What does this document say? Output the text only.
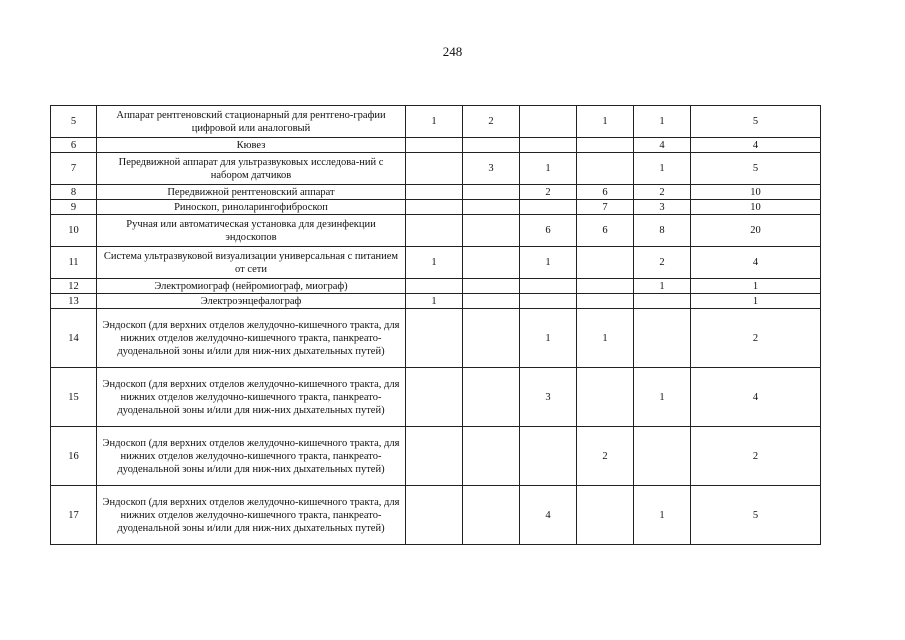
248
5	Аппарат рентгеновский стационарный для рентгено-графии цифровой или аналоговый	1	2		1	1	5
6	Кювез					4	4
7	Передвижной аппарат для ультразвуковых исследова-ний с набором датчиков		3	1		1	5
8	Передвижной рентгеновский аппарат			2	6	2	10
9	Риноскоп, риноларингофиброскоп				7	3	10
10	Ручная или автоматическая установка для дезинфекции эндоскопов			6	6	8	20
11	Система ультразвуковой визуализации универсальная с питанием от сети	1		1		2	4
12	Электромиограф (нейромиограф, миограф)					1	1
13	Электроэнцефалограф	1					1
14	Эндоскоп (для верхних отделов желудочно-кишечного тракта, для нижних отделов желудочно-кишечного тракта, панкреато-дуоденальной зоны и/или для ниж-них дыхательных путей)			1	1		2
15	Эндоскоп (для верхних отделов желудочно-кишечного тракта, для нижних отделов желудочно-кишечного тракта, панкреато-дуоденальной зоны и/или для ниж-них дыхательных путей)			3		1	4
16	Эндоскоп (для верхних отделов желудочно-кишечного тракта, для нижних отделов желудочно-кишечного тракта, панкреато-дуоденальной зоны и/или для ниж-них дыхательных путей)				2		2
17	Эндоскоп (для верхних отделов желудочно-кишечного тракта, для нижних отделов желудочно-кишечного тракта, панкреато-дуоденальной зоны и/или для ниж-них дыхательных путей)			4		1	5
